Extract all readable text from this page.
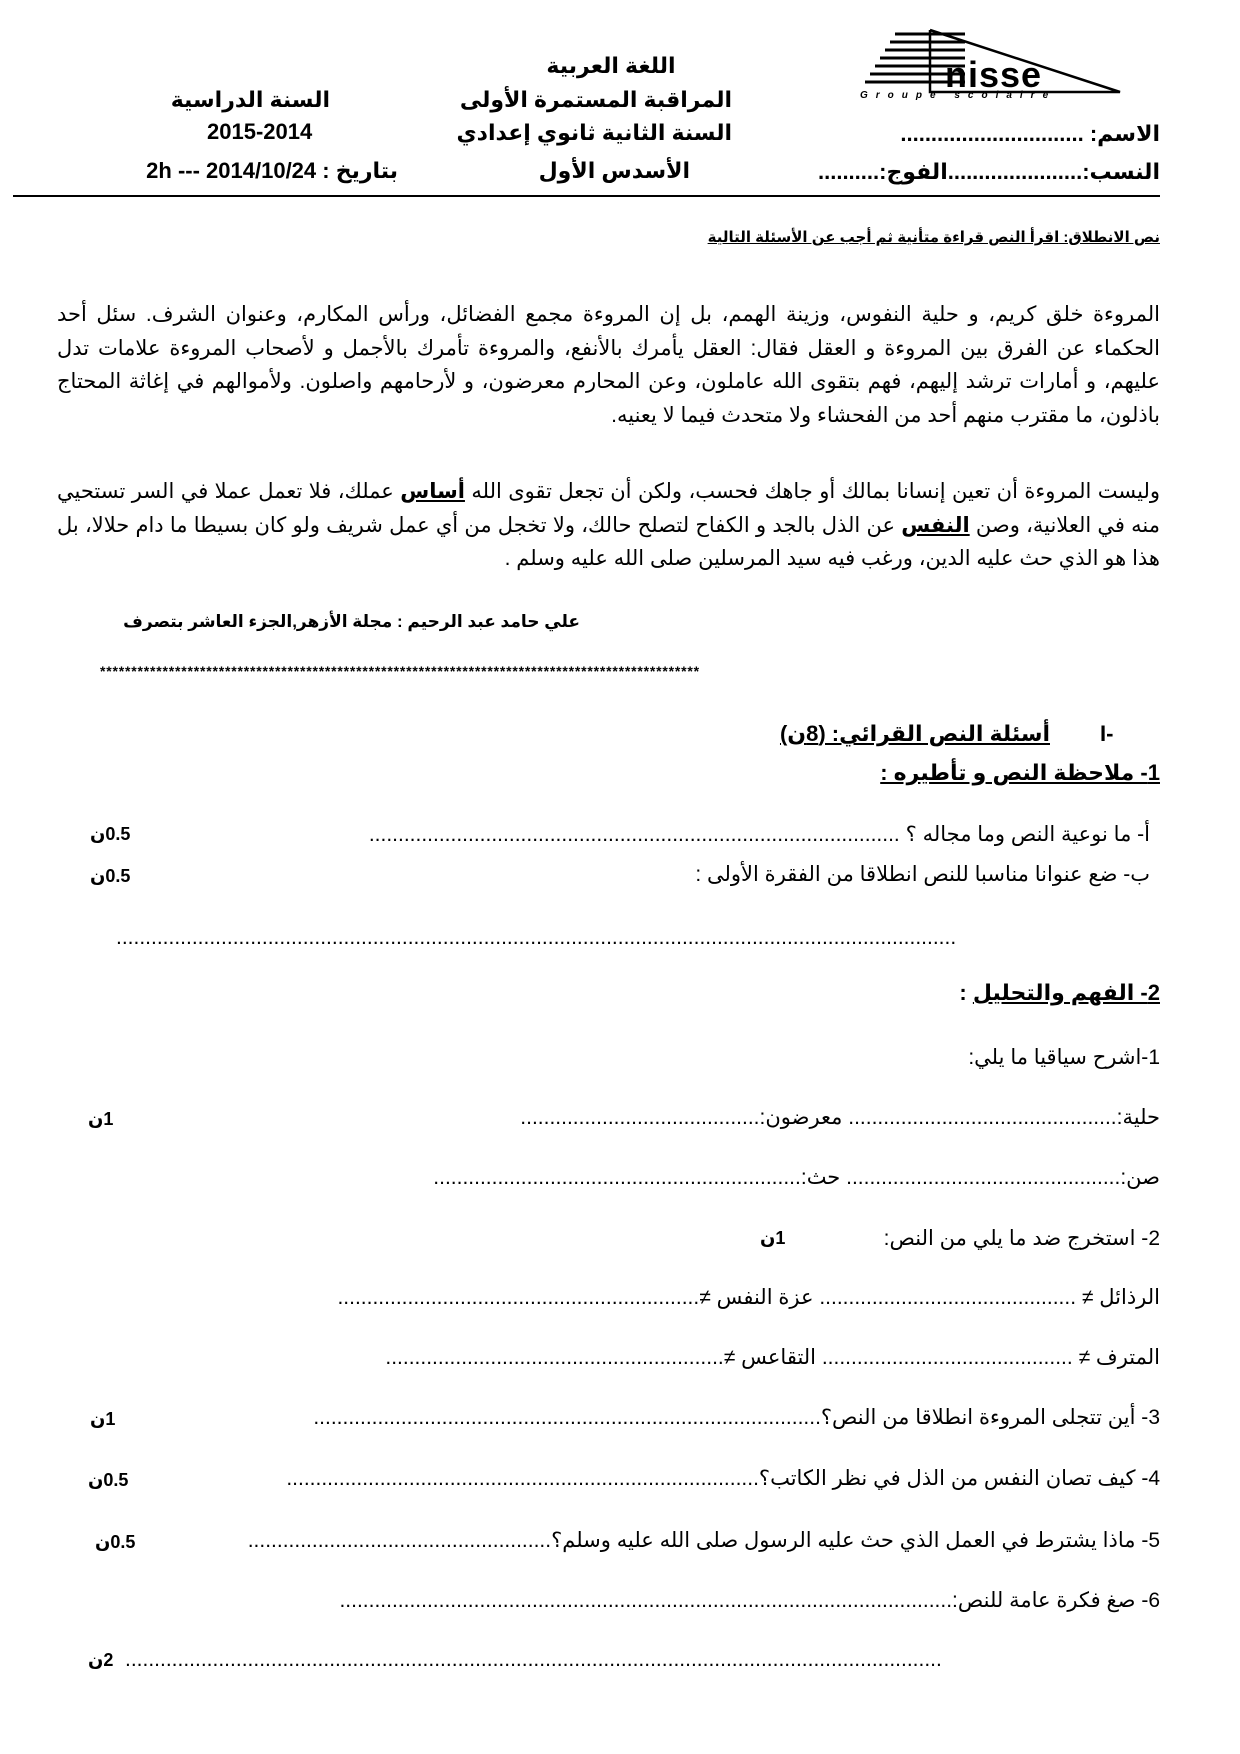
nisse
Groupe scolaire
اللغة العربية
المراقبة المستمرة الأولى
السنة الثانية ثانوي إعدادي
الأسدس الأول
السنة الدراسية
2015-2014
بتاريخ : 2014/10/24 --- 2h
الاسم: ..............................
النسب:......................الفوج:..........
نص الانطلاق: اقرأ النص قراءة متأنية ثم أجب عن الأسئلة التالية
المروءة خلق كريم، و حلية النفوس، وزينة الهمم، بل إن المروءة مجمع الفضائل، ورأس المكارم، وعنوان الشرف. سئل أحد الحكماء عن الفرق بين المروءة و العقل فقال: العقل يأمرك بالأنفع، والمروءة تأمرك بالأجمل و لأصحاب المروءة علامات تدل عليهم، و أمارات ترشد إليهم، فهم بتقوى الله عاملون، وعن المحارم معرضون، و لأرحامهم واصلون. ولأموالهم في إغاثة المحتاج باذلون، ما مقترب منهم أحد من الفحشاء ولا متحدث فيما لا يعنيه.
وليست المروءة أن تعين إنسانا بمالك أو جاهك فحسب، ولكن أن تجعل تقوى الله أساس عملك، فلا تعمل عملا في السر تستحيي منه في العلانية، وصن النفس عن الذل بالجد و الكفاح لتصلح حالك، ولا تخجل من أي عمل شريف ولو كان بسيطا ما دام حلالا، بل هذا هو الذي حث عليه الدين، ورغب فيه سيد المرسلين صلى الله عليه وسلم .
علي حامد عبد الرحيم : مجلة الأزهر,الجزء العاشر بتصرف
************************************************************************************************
I-
أسئلة النص القرائي: (8ن)
1- ملاحظة النص و تأطيره :
أ- ما نوعية النص وما مجاله ؟ ...........................................................................................
0.5ن
ب- ضع عنوانا مناسبا للنص انطلاقا من الفقرة الأولى :
0.5ن
................................................................................................................................................
2- الفهم والتحليل :
1-اشرح سياقيا ما يلي:
حلية:.............................................. معرضون:.........................................
1ن
صن:............................................... حث:...............................................................
2- استخرج ضد ما يلي من النص:
1ن
الرذائل ≠ ............................................ عزة النفس ≠..............................................................
المترف ≠ ........................................... التقاعس ≠..........................................................
3- أين تتجلى المروءة انطلاقا من النص؟.......................................................................................
1ن
4- كيف تصان النفس من الذل في نظر الكاتب؟.................................................................................
0.5ن
5- ماذا يشترط في العمل الذي حث عليه الرسول صلى الله عليه وسلم؟....................................................
0.5ن
6- صغ فكرة عامة للنص:.........................................................................................................
2ن ............................................................................................................................................
